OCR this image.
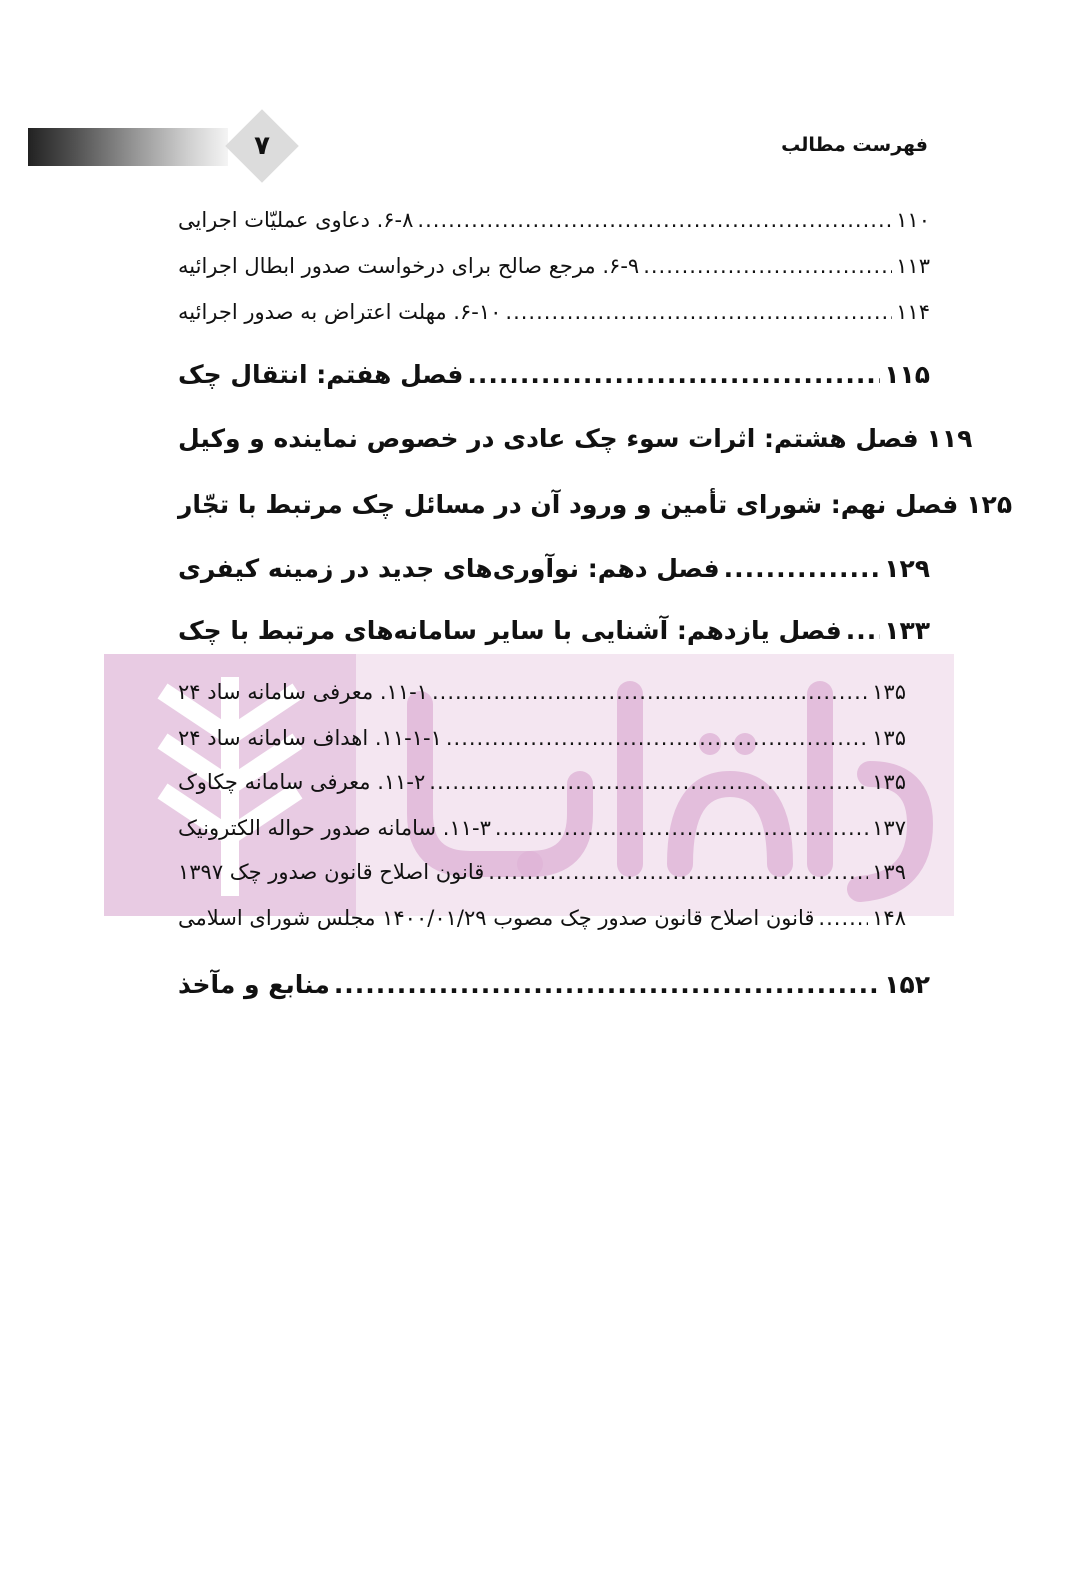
۷	فهرست مطالب
۶-۸. دعاوی عملیّات اجرایی .....	۱۱۰
۶-۹. مرجع صالح برای درخواست صدور ابطال اجرائیه .....	۱۱۳
۶-۱۰. مهلت اعتراض به صدور اجرائیه .....	۱۱۴
فصل هفتم: انتقال چک .....	۱۱۵
فصل هشتم: اثرات سوء چک عادی در خصوص نماینده و وکیل ۱۱۹
فصل نهم: شورای تأمین و ورود آن در مسائل چک مرتبط با تجّار ۱۲۵
فصل دهم: نوآوری‌های جدید در زمینه کیفری .....	۱۲۹
فصل یازدهم: آشنایی با سایر سامانه‌های مرتبط با چک ..... ۱۳۳
۱۱-۱. معرفی سامانه ساد ۲۴ .....	۱۳۵
۱۱-۱-۱. اهداف سامانه ساد ۲۴ .....	۱۳۵
۱۱-۲. معرفی سامانه چکاوک .....	۱۳۵
۱۱-۳. سامانه صدور حواله الکترونیک .....	۱۳۷
قانون اصلاح قانون صدور چک ۱۳۹۷ .....	۱۳۹
قانون اصلاح قانون صدور چک مصوب ۱۴۰۰/۰۱/۲۹ مجلس شورای اسلامی .....	۱۴۸
منابع و مآخذ .....	۱۵۲
